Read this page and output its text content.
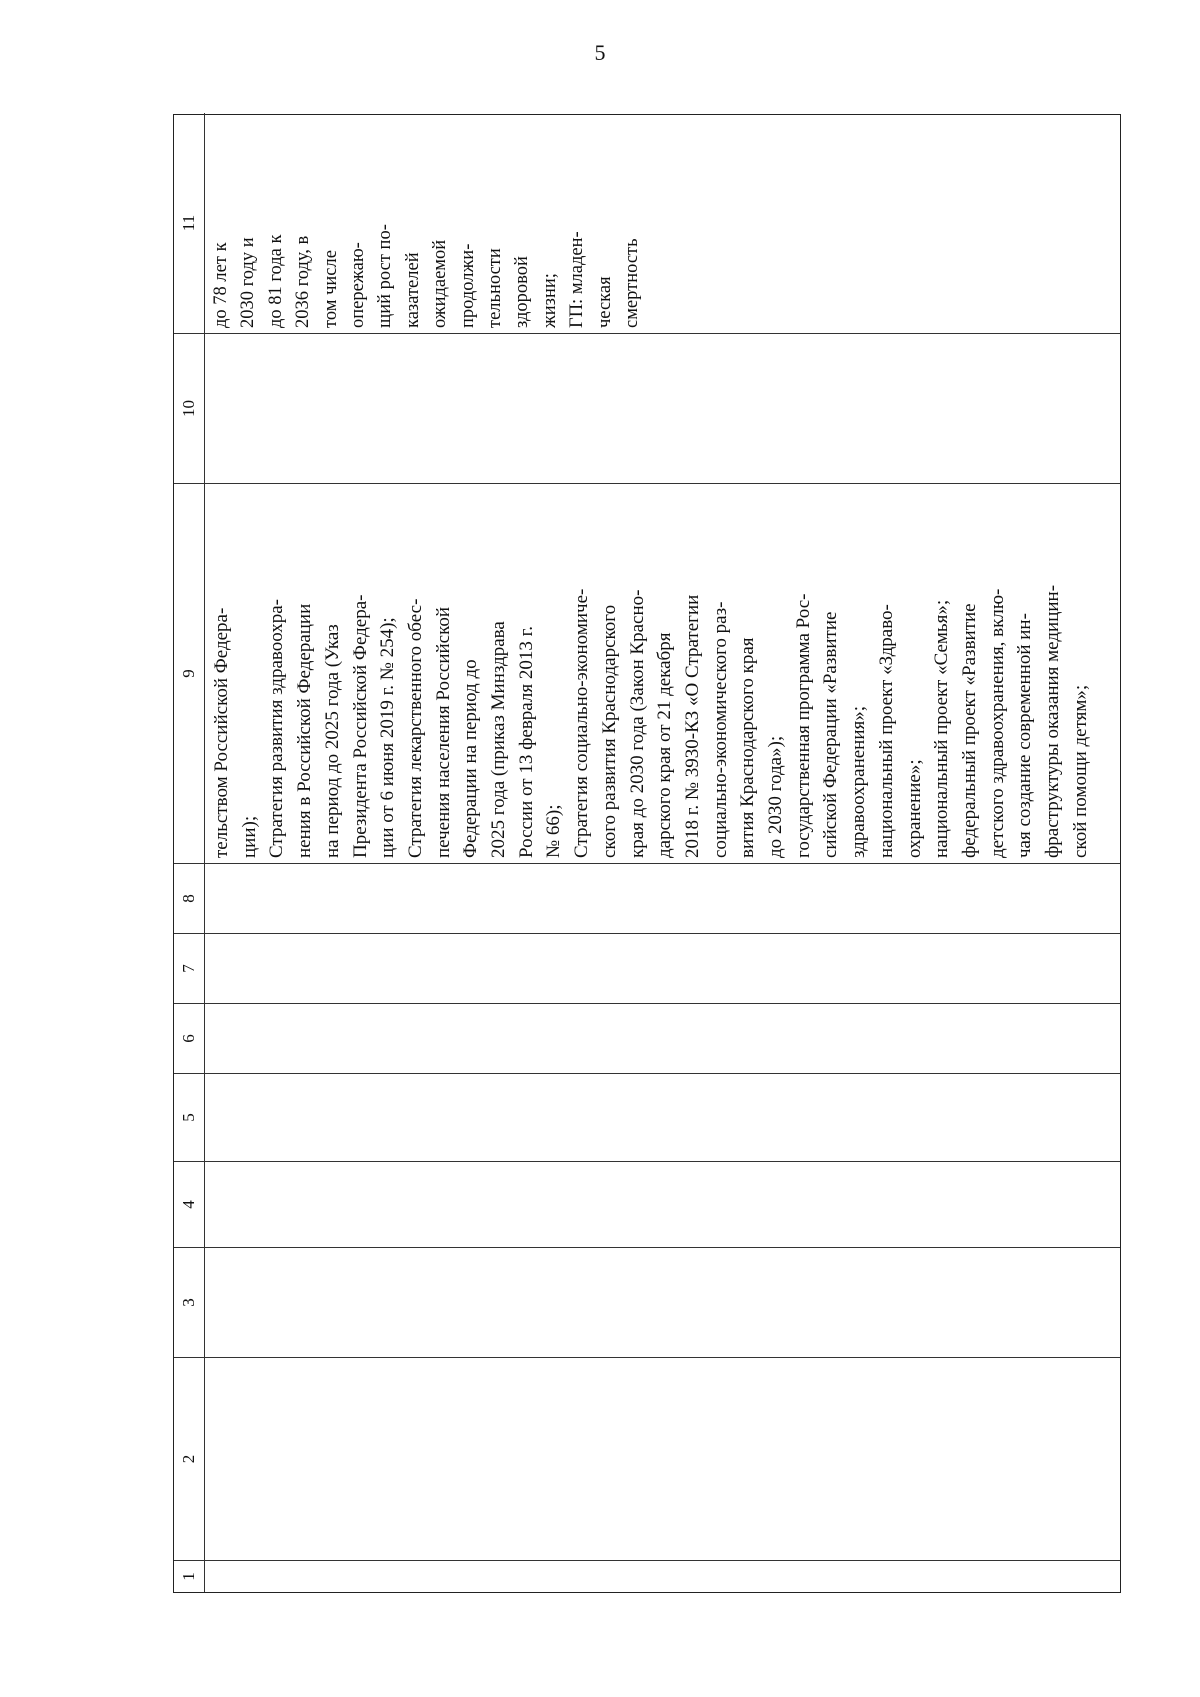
5
1
2
3
4
5
6
7
8
9
10
11
тельством Российской Федера-
ции);
Стратегия развития здравоохра-
нения в Российской Федерации
на период до 2025 года (Указ
Президента Российской Федера-
ции от 6 июня 2019 г. № 254);
Стратегия лекарственного обес-
печения населения Российской
Федерации на период до
2025 года (приказ Минздрава
России от 13 февраля 2013 г.
№ 66);
Стратегия социально-экономиче-
ского развития Краснодарского
края до 2030 года (Закон Красно-
дарского края от 21 декабря
2018 г. № 3930-КЗ «О Стратегии
социально-экономического раз-
вития Краснодарского края
до 2030 года»);
государственная программа Рос-
сийской Федерации «Развитие
здравоохранения»;
национальный проект «Здраво-
охранение»;
национальный проект «Семья»;
федеральный проект «Развитие
детского здравоохранения, вклю-
чая создание современной ин-
фраструктуры оказания медицин-
ской помощи детям»;
до 78 лет к
2030 году и
до 81 года к
2036 году, в
том числе
опережаю-
щий рост по-
казателей
ожидаемой
продолжи-
тельности
здоровой
жизни;
ГП: младен-
ческая
смертность
